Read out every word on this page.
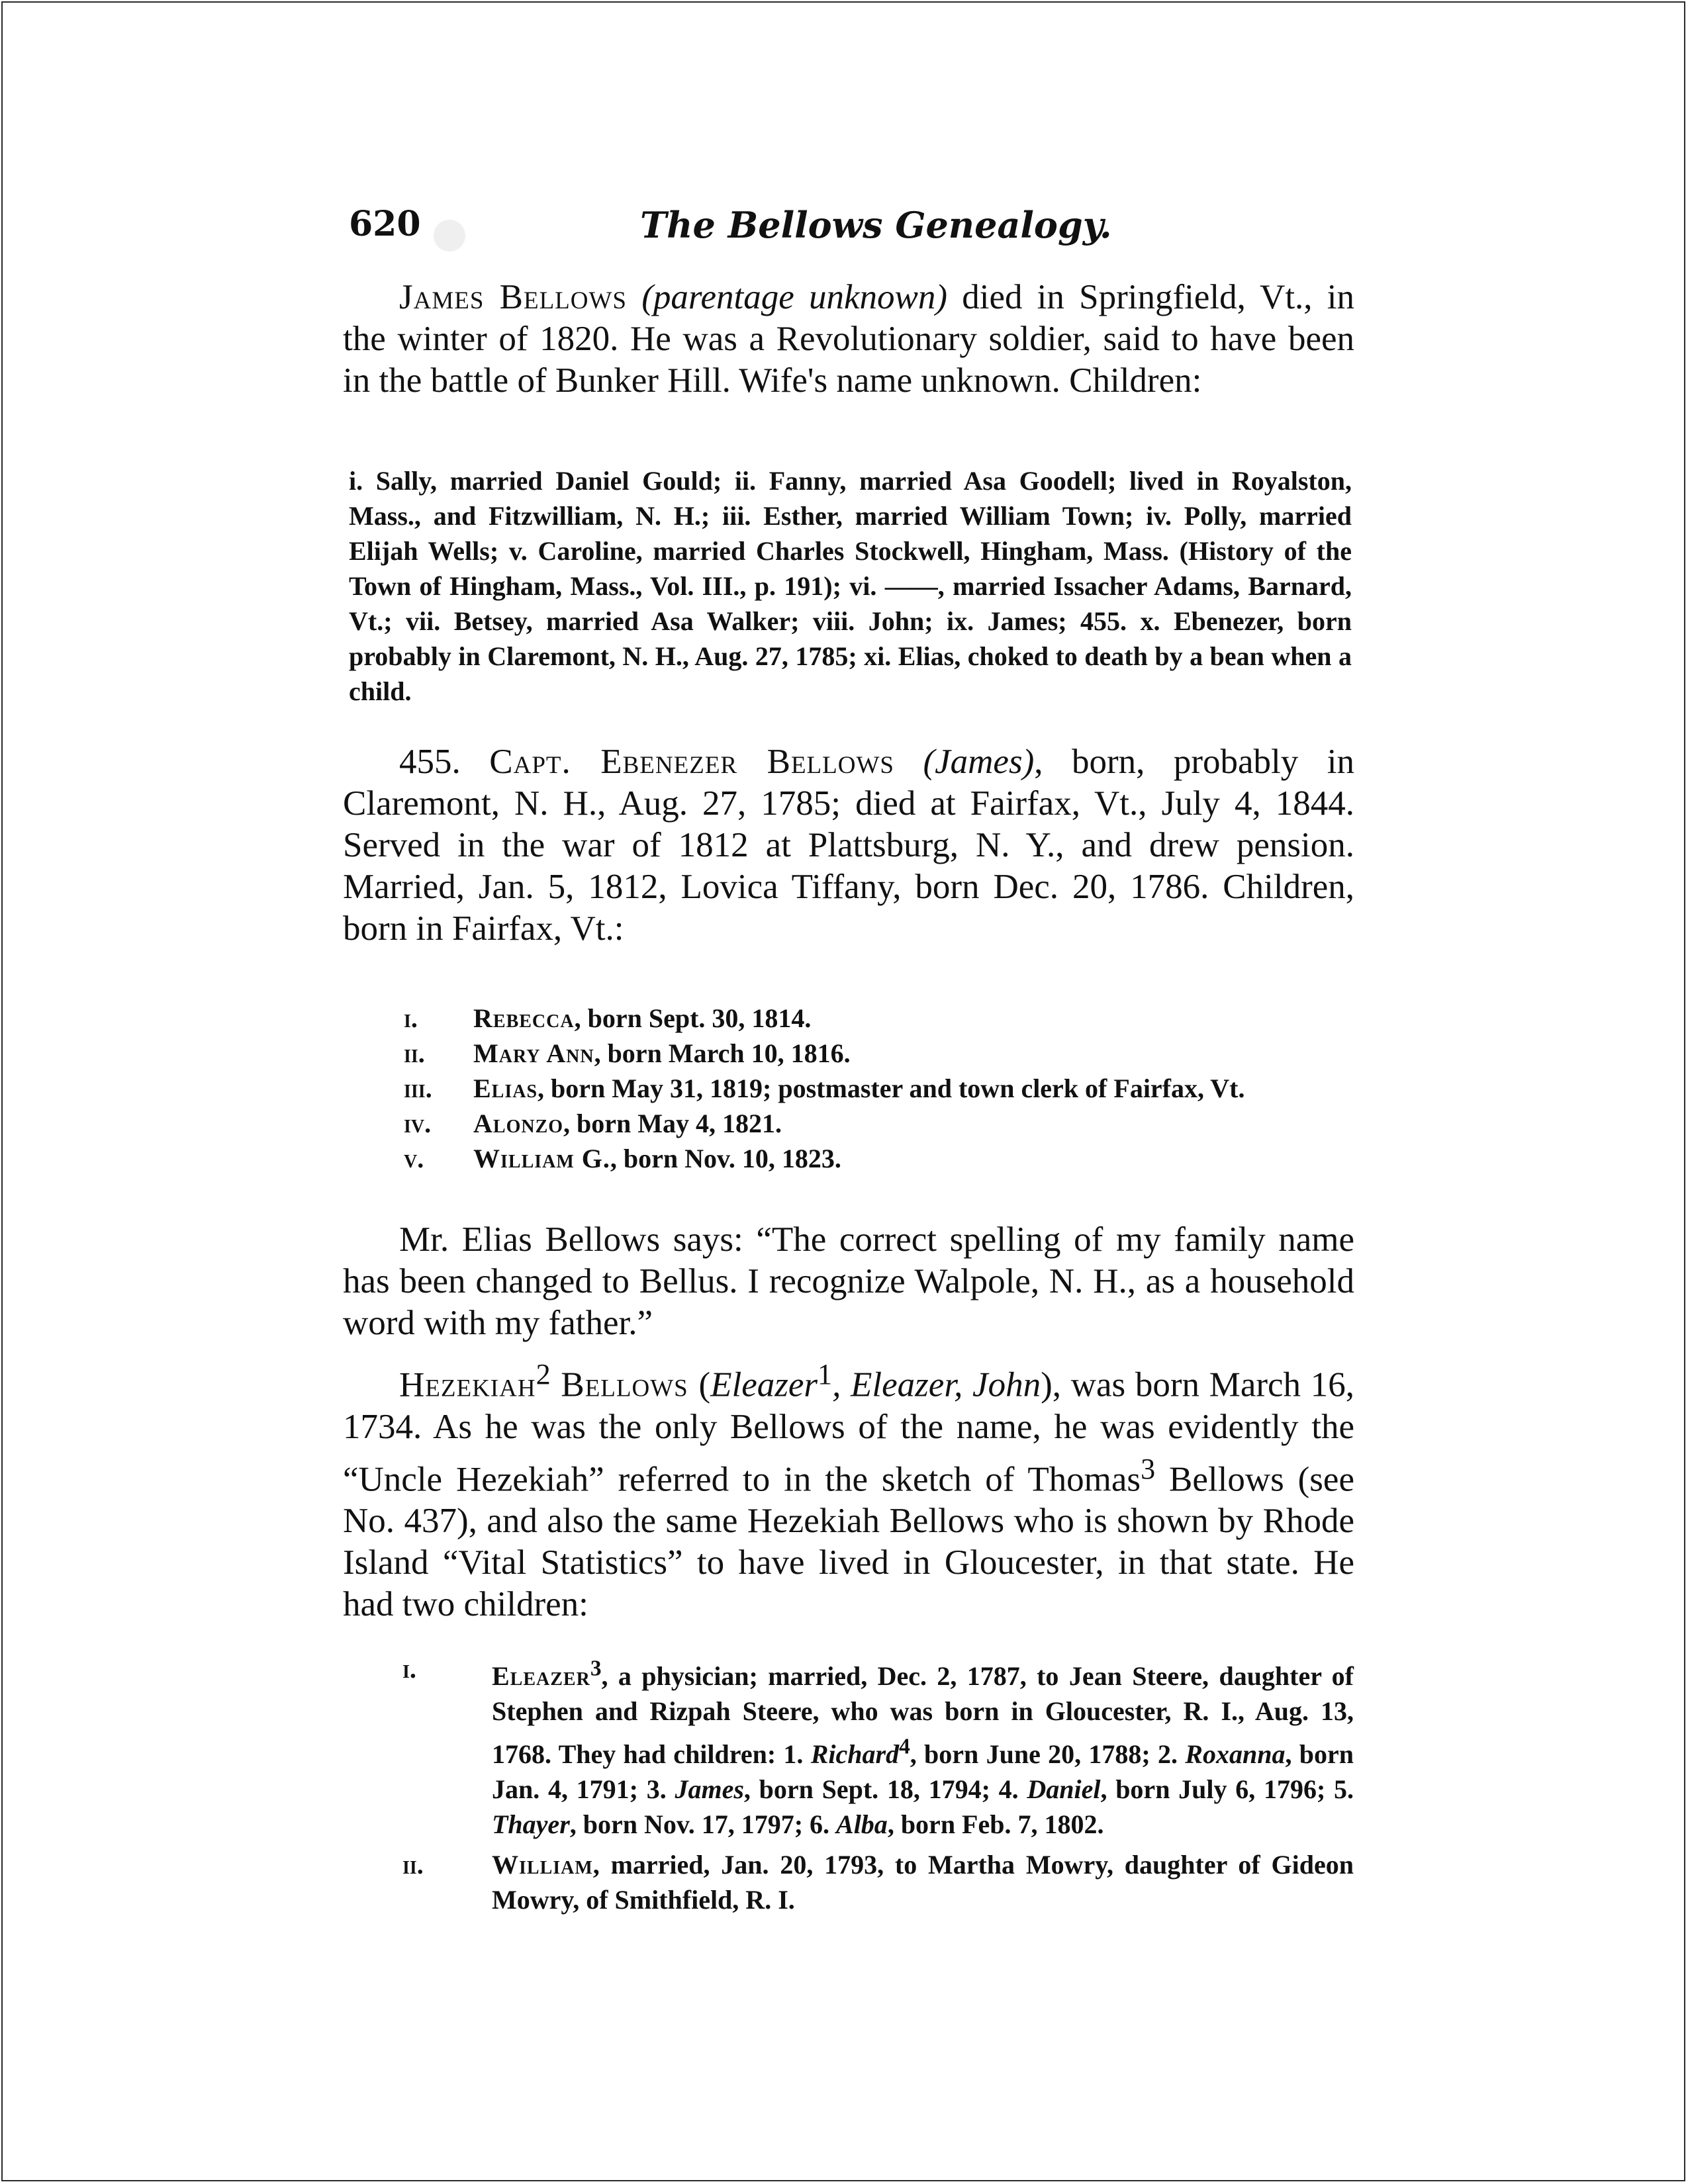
620	The Bellows Genealogy.

James Bellows (parentage unknown) died in Springfield, Vt., in the winter of 1820. He was a Revolutionary soldier, said to have been in the battle of Bunker Hill. Wife's name unknown. Children:

i. Sally, married Daniel Gould; ii. Fanny, married Asa Goodell; lived in Royalston, Mass., and Fitzwilliam, N. H.; iii. Esther, married William Town; iv. Polly, married Elijah Wells; v. Caroline, married Charles Stockwell, Hingham, Mass. (History of the Town of Hingham, Mass., Vol. III., p. 191); vi. ——, married Issacher Adams, Barnard, Vt.; vii. Betsey, married Asa Walker; viii. John; ix. James; 455. x. Ebenezer, born probably in Claremont, N. H., Aug. 27, 1785; xi. Elias, choked to death by a bean when a child.

455. Capt. Ebenezer Bellows (James), born, probably in Claremont, N. H., Aug. 27, 1785; died at Fairfax, Vt., July 4, 1844. Served in the war of 1812 at Plattsburg, N. Y., and drew pension. Married, Jan. 5, 1812, Lovica Tiffany, born Dec. 20, 1786. Children, born in Fairfax, Vt.:

i.	Rebecca, born Sept. 30, 1814.
ii.	Mary Ann, born March 10, 1816.
iii.	Elias, born May 31, 1819; postmaster and town clerk of Fairfax, Vt.
iv.	Alonzo, born May 4, 1821.
v.	William G., born Nov. 10, 1823.

Mr. Elias Bellows says: “The correct spelling of my family name has been changed to Bellus. I recognize Walpole, N. H., as a household word with my father.”

Hezekiah$^2$ Bellows (Eleazer$^1$, Eleazer, John), was born March 16, 1734. As he was the only Bellows of the name, he was evidently the “Uncle Hezekiah” referred to in the sketch of Thomas$^3$ Bellows (see No. 437), and also the same Hezekiah Bellows who is shown by Rhode Island “Vital Statistics” to have lived in Gloucester, in that state. He had two children:

i.	Eleazer$^3$, a physician; married, Dec. 2, 1787, to Jean Steere, daughter of Stephen and Rizpah Steere, who was born in Gloucester, R. I., Aug. 13, 1768. They had children: 1. Richard$^4$, born June 20, 1788; 2. Roxanna, born Jan. 4, 1791; 3. James, born Sept. 18, 1794; 4. Daniel, born July 6, 1796; 5. Thayer, born Nov. 17, 1797; 6. Alba, born Feb. 7, 1802.
ii.	William, married, Jan. 20, 1793, to Martha Mowry, daughter of Gideon Mowry, of Smithfield, R. I.
